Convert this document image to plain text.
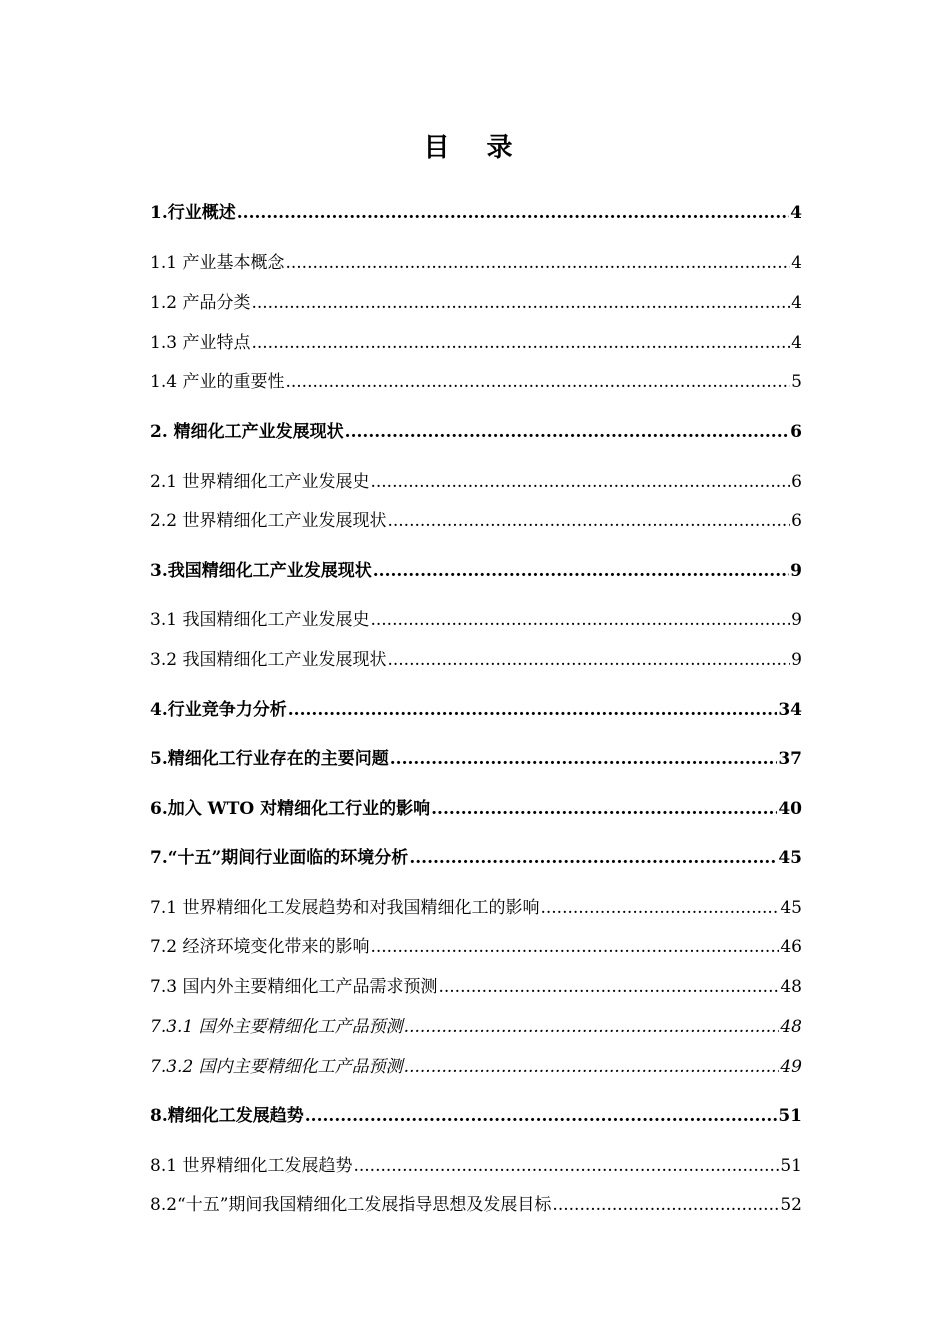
目 录
1.行业概述 .....	4
1.1 产业基本概念 .....	4
1.2 产品分类 .....	4
1.3 产业特点 .....	4
1.4 产业的重要性 .....	5
2. 精细化工产业发展现状 .....	6
2.1 世界精细化工产业发展史 .....	6
2.2 世界精细化工产业发展现状 .....	6
3.我国精细化工产业发展现状 .....	9
3.1 我国精细化工产业发展史 .....	9
3.2 我国精细化工产业发展现状 .....	9
4.行业竞争力分析 .....	34
5.精细化工行业存在的主要问题 .....	37
6.加入 WTO 对精细化工行业的影响 .....	40
7.“十五”期间行业面临的环境分析 .....	45
7.1 世界精细化工发展趋势和对我国精细化工的影响 .....	45
7.2 经济环境变化带来的影响 .....	46
7.3 国内外主要精细化工产品需求预测 .....	48
7.3.1 国外主要精细化工产品预测 .....	48
7.3.2 国内主要精细化工产品预测 .....	49
8.精细化工发展趋势 .....	51
8.1 世界精细化工发展趋势 .....	51
8.2“十五”期间我国精细化工发展指导思想及发展目标 .....	52
